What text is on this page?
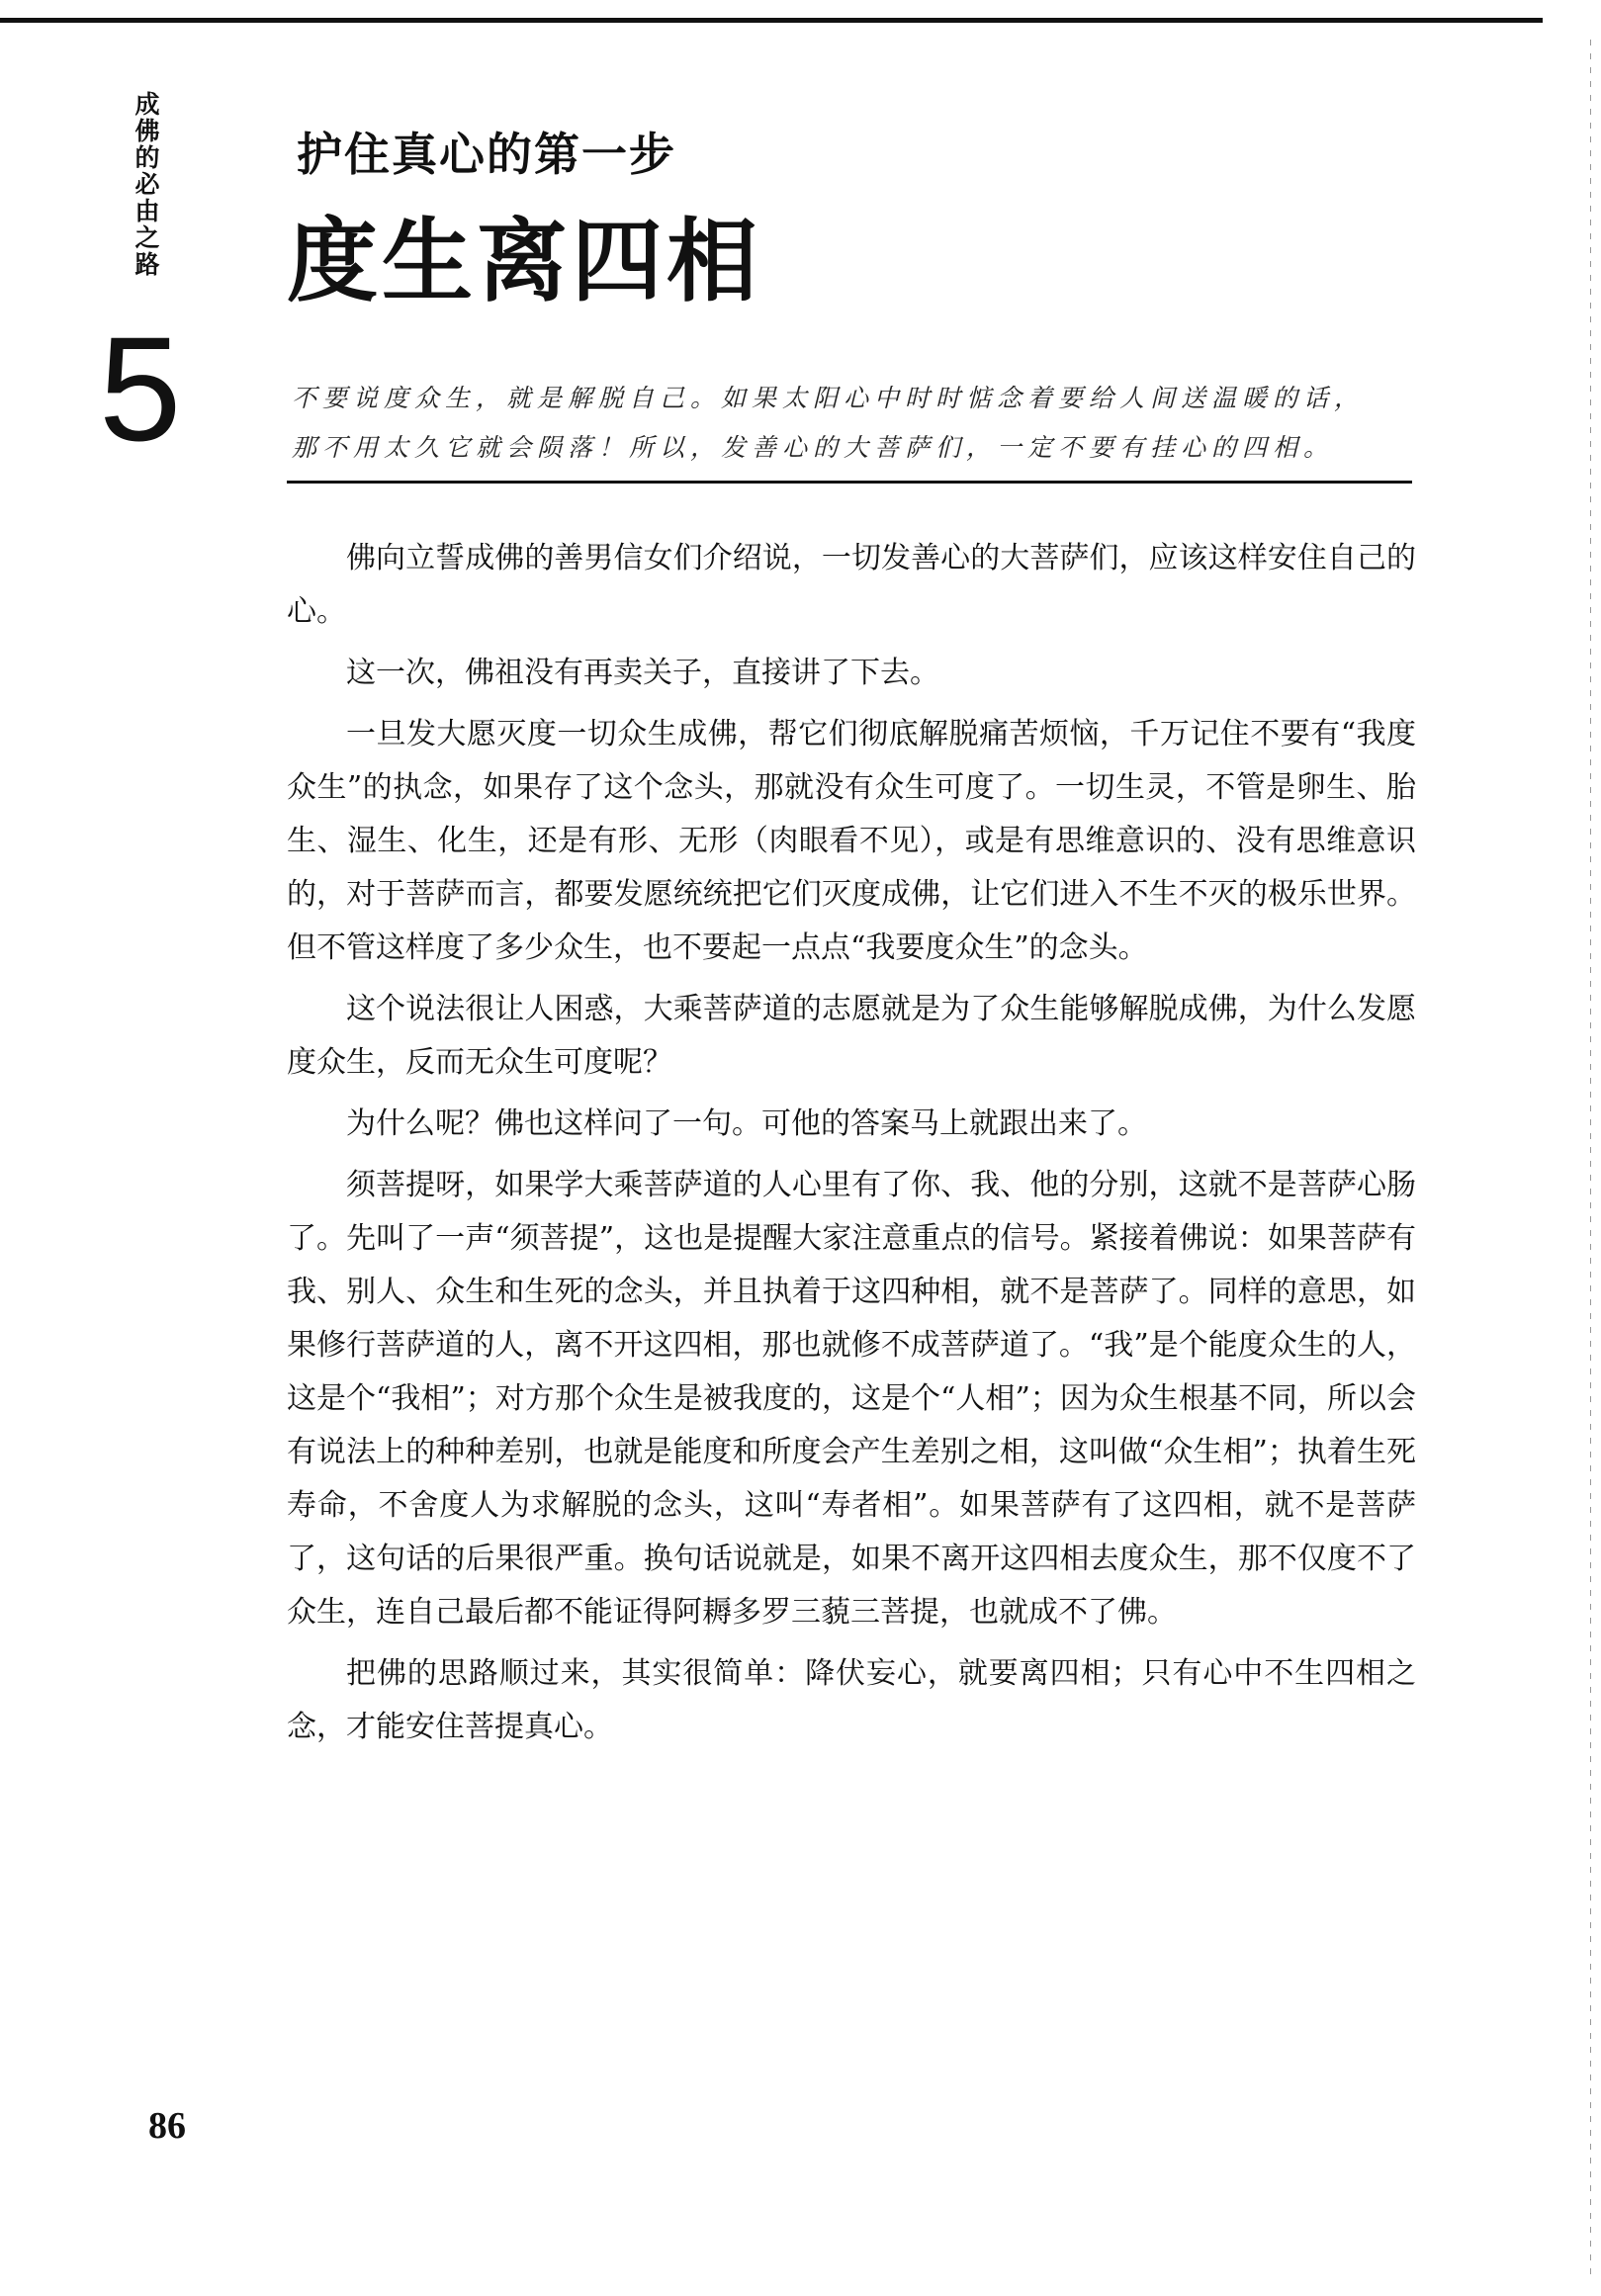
成佛的必由之路
5
护住真心的第一步
度生离四相

不要说度众生，就是解脱自己。如果太阳心中时时惦念着要给人间送温暖的话，

那不用太久它就会陨落！所以，发善心的大菩萨们，一定不要有挂心的四相。

佛向立誓成佛的善男信女们介绍说，一切发善心的大菩萨们，应该这样安住自己的心。

这一次，佛祖没有再卖关子，直接讲了下去。

一旦发大愿灭度一切众生成佛，帮它们彻底解脱痛苦烦恼，千万记住不要有“我度众生”的执念，如果存了这个念头，那就没有众生可度了。一切生灵，不管是卵生、胎生、湿生、化生，还是有形、无形（肉眼看不见），或是有思维意识的、没有思维意识的，对于菩萨而言，都要发愿统统把它们灭度成佛，让它们进入不生不灭的极乐世界。但不管这样度了多少众生，也不要起一点点“我要度众生”的念头。

这个说法很让人困惑，大乘菩萨道的志愿就是为了众生能够解脱成佛，为什么发愿度众生，反而无众生可度呢？

为什么呢？佛也这样问了一句。可他的答案马上就跟出来了。

须菩提呀，如果学大乘菩萨道的人心里有了你、我、他的分别，这就不是菩萨心肠了。先叫了一声“须菩提”，这也是提醒大家注意重点的信号。紧接着佛说：如果菩萨有我、别人、众生和生死的念头，并且执着于这四种相，就不是菩萨了。同样的意思，如果修行菩萨道的人，离不开这四相，那也就修不成菩萨道了。“我”是个能度众生的人，这是个“我相”；对方那个众生是被我度的，这是个“人相”；因为众生根基不同，所以会有说法上的种种差别，也就是能度和所度会产生差别之相，这叫做“众生相”；执着生死寿命，不舍度人为求解脱的念头，这叫“寿者相”。如果菩萨有了这四相，就不是菩萨了，这句话的后果很严重。换句话说就是，如果不离开这四相去度众生，那不仅度不了众生，连自己最后都不能证得阿耨多罗三藐三菩提，也就成不了佛。

把佛的思路顺过来，其实很简单：降伏妄心，就要离四相；只有心中不生四相之念，才能安住菩提真心。

86
